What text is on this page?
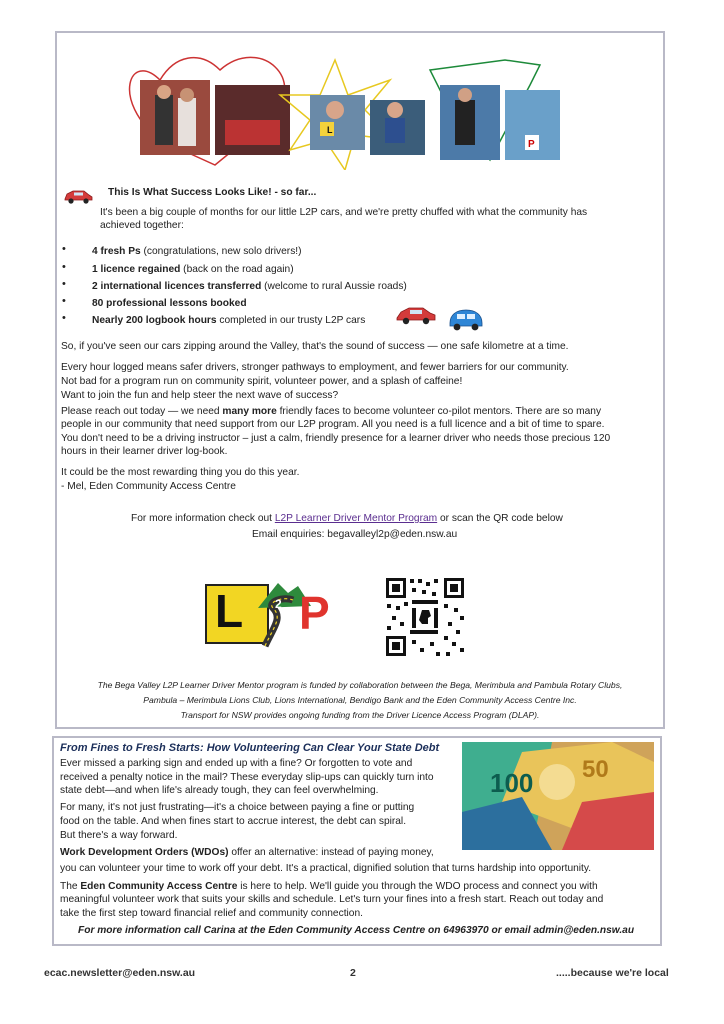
L
P
This Is What Success Looks Like! - so far...
It's been a big couple of months for our little L2P cars, and we're pretty chuffed with what the community has
achieved together:
•	4 fresh Ps (congratulations, new solo drivers!)
•	1 licence regained (back on the road again)
•	2 international licences transferred (welcome to rural Aussie roads)
•	80 professional lessons booked
•	Nearly 200 logbook hours completed in our trusty L2P cars
So, if you've seen our cars zipping around the Valley, that's the sound of success — one safe kilometre at a time.
Every hour logged means safer drivers, stronger pathways to employment, and fewer barriers for our community.
Not bad for a program run on community spirit, volunteer power, and a splash of caffeine!
Want to join the fun and help steer the next wave of success?
Please reach out today — we need many more friendly faces to become volunteer co-pilot mentors. There are so many
people in our community that need support from our L2P program. All you need is a full licence and a bit of time to spare.
You don't need to be a driving instructor – just a calm, friendly presence for a learner driver who needs those precious 120
hours in their learner driver log-book.
It could be the most rewarding thing you do this year.
- Mel, Eden Community Access Centre
For more information check out L2P Learner Driver Mentor Program or scan the QR code below
Email enquiries: begavalleyl2p@eden.nsw.au
L	2 P
The Bega Valley L2P Learner Driver Mentor program is funded by collaboration between the Bega, Merimbula and Pambula Rotary Clubs,
Pambula – Merimbula Lions Club, Lions International, Bendigo Bank and the Eden Community Access Centre Inc.
Transport for NSW provides ongoing funding from the Driver Licence Access Program (DLAP).
From Fines to Fresh Starts: How Volunteering Can Clear Your State Debt
100 50
Ever missed a parking sign and ended up with a fine? Or forgotten to vote and
received a penalty notice in the mail? These everyday slip-ups can quickly turn into
state debt—and when life's already tough, they can feel overwhelming.
For many, it's not just frustrating—it's a choice between paying a fine or putting
food on the table. And when fines start to accrue interest, the debt can spiral.
But there's a way forward.
Work Development Orders (WDOs) offer an alternative: instead of paying money,
you can volunteer your time to work off your debt. It's a practical, dignified solution that turns hardship into opportunity.
The Eden Community Access Centre is here to help. We'll guide you through the WDO process and connect you with
meaningful volunteer work that suits your skills and schedule. Let's turn your fines into a fresh start. Reach out today and
take the first step toward financial relief and community connection.
For more information call Carina at the Eden Community Access Centre on 64963970 or email admin@eden.nsw.au
ecac.newsletter@eden.nsw.au	2	.....because we're local
